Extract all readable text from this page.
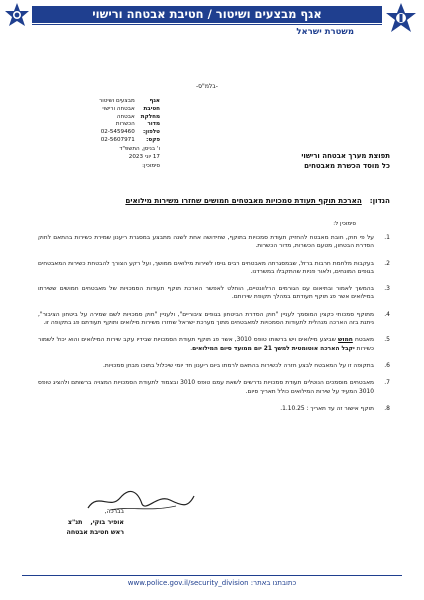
אגף מבצעים ושיטור / חטיבת אבטחה ורישוי
משטרת ישראל
-בלמ"ס-
אגף
חטיבת
מחלקת
מדור
טלפון:
פקס:
מבצעים ושיטור
אבטחה ורישוי
אבטחה
הכשרות
02-5459460
02-5607971
ו' בניסן, התשפ"ד
17 יוני 2023
סימוכין:
תפוצת מערך אבטחה ורישוי
כל מוסד הכשרת מאבטחים
הנדון:הארכת תוקף תעודת סמכויות מאבטחים חמושים שחזרו משירות מילואים
סימוכין ל:
1.
על פי חוק, חובת מאבטח להחזיק תעודת סמכויות בתוקף, שחידושה אחת לשנה מתבצע במסגרת ריענון שמירת כשירות בהתאם לחוק הסדרת הבטחון, מטעם הכשרות, מדור הכשרות.
2.
בעקבות מלחמת חרבות ברזל, שבמסגרתה מאבטחים רבים גויסו לשירות מילואים ממושך, ועל רקע הצורך להבטחת כשירות המאבטחים בגופים המונחים, ולאור פניות שהתקבלו במשרדנו.
3.
בהמשך לאמור ובתיאום עם הגורמים הרלוונטיים, הוחלט לאפשר הארכת תוקף תעודות הסמכויות של מאבטחים חמושים ששירתו במילואים אשר פג תוקף תעודתם במהלך תקופת שירותם.
4.
מתוקף סמכותי כקצין המוסמך לעניין "חוק הסדרת הביטחון בגופים ציבוריים", ולעניין "חוק סמכויות לשם שמירה על ביטחון הציבור", ניתנת בזה הארכה מנהלית לתעודות הסמכויות למאבטחים מתוך מערכת ישראל שחזרו משירות מילואים ותוקף תעודתם פג בתקופה זו.
5.
מאבטח חמוש שביצע מילואים ויש ברשותו טופס 3010, אשר פג תוקף תעודת הסמכויות שבידיו עקב שירות המילואים והוא יכול לשמור כשירות יקבל הארכה אוטומטית למשך 21 יום ממועד סיום המילואים.
6.
בתקופה זו על המאבטח לבצע חזרה לכשירות בהתאם לרמתו ביום ריענון חד יומי שיכלול בתוכו מבחן סמכויות.
7.
מאבטחים מוסמכים הנוטלים תעודת סמכויות נדרשים לשאת עמם טופס 3010 ובצמוד לתעודת הסמכויות המצויה ברשותם ולהציג טופס 3010 המעיד על שירות המילואים כולל תאריך סיום.
8.
תוקף אישור זה עד תאריך : 1.10.25.
בברכה,
אופיר בוקי,    תנ"צ
ראש חטיבת אבטחה
כתובתנו באתר: www.police.gov.il/security_division
